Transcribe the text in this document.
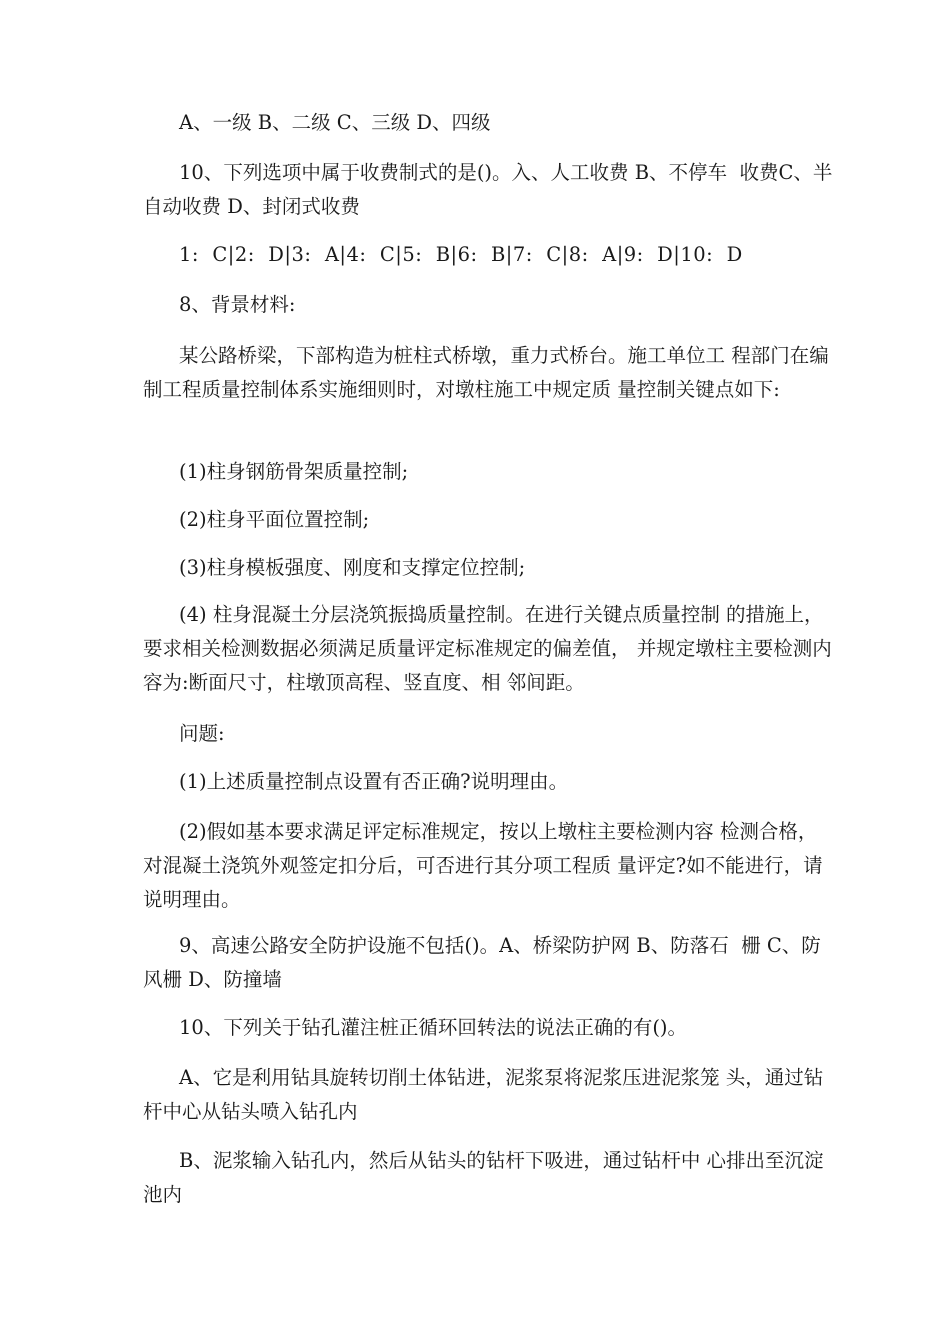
A、一级 B、二级 C、三级 D、四级

10、下列选项中属于收费制式的是()。入、人工收费 B、不停车  收费C、半自动收费 D、封闭式收费

1:  C|2:  D|3:  A|4:  C|5:  B|6:  B|7:  C|8:  A|9:  D|10:  D

8、背景材料:

某公路桥梁，下部构造为桩柱式桥墩，重力式桥台。施工单位工 程部门在编制工程质量控制体系实施细则时，对墩柱施工中规定质 量控制关键点如下:

(1)柱身钢筋骨架质量控制;

(2)柱身平面位置控制;

(3)柱身模板强度、刚度和支撑定位控制;

(4) 柱身混凝土分层浇筑振捣质量控制。在进行关键点质量控制 的措施上，要求相关检测数据必须满足质量评定标准规定的偏差值， 并规定墩柱主要检测内容为:断面尺寸，柱墩顶高程、竖直度、相 邻间距。

问题:

(1)上述质量控制点设置有否正确?说明理由。

(2)假如基本要求满足评定标准规定，按以上墩柱主要检测内容 检测合格，对混凝土浇筑外观签定扣分后，可否进行其分项工程质 量评定?如不能进行，请说明理由。

9、高速公路安全防护设施不包括()。A、桥梁防护网 B、防落石  栅 C、防风栅 D、防撞墙

10、下列关于钻孔灌注桩正循环回转法的说法正确的有()。

A、它是利用钻具旋转切削土体钻进，泥浆泵将泥浆压进泥浆笼 头，通过钻杆中心从钻头喷入钻孔内

B、泥浆输入钻孔内，然后从钻头的钻杆下吸进，通过钻杆中 心排出至沉淀池内
